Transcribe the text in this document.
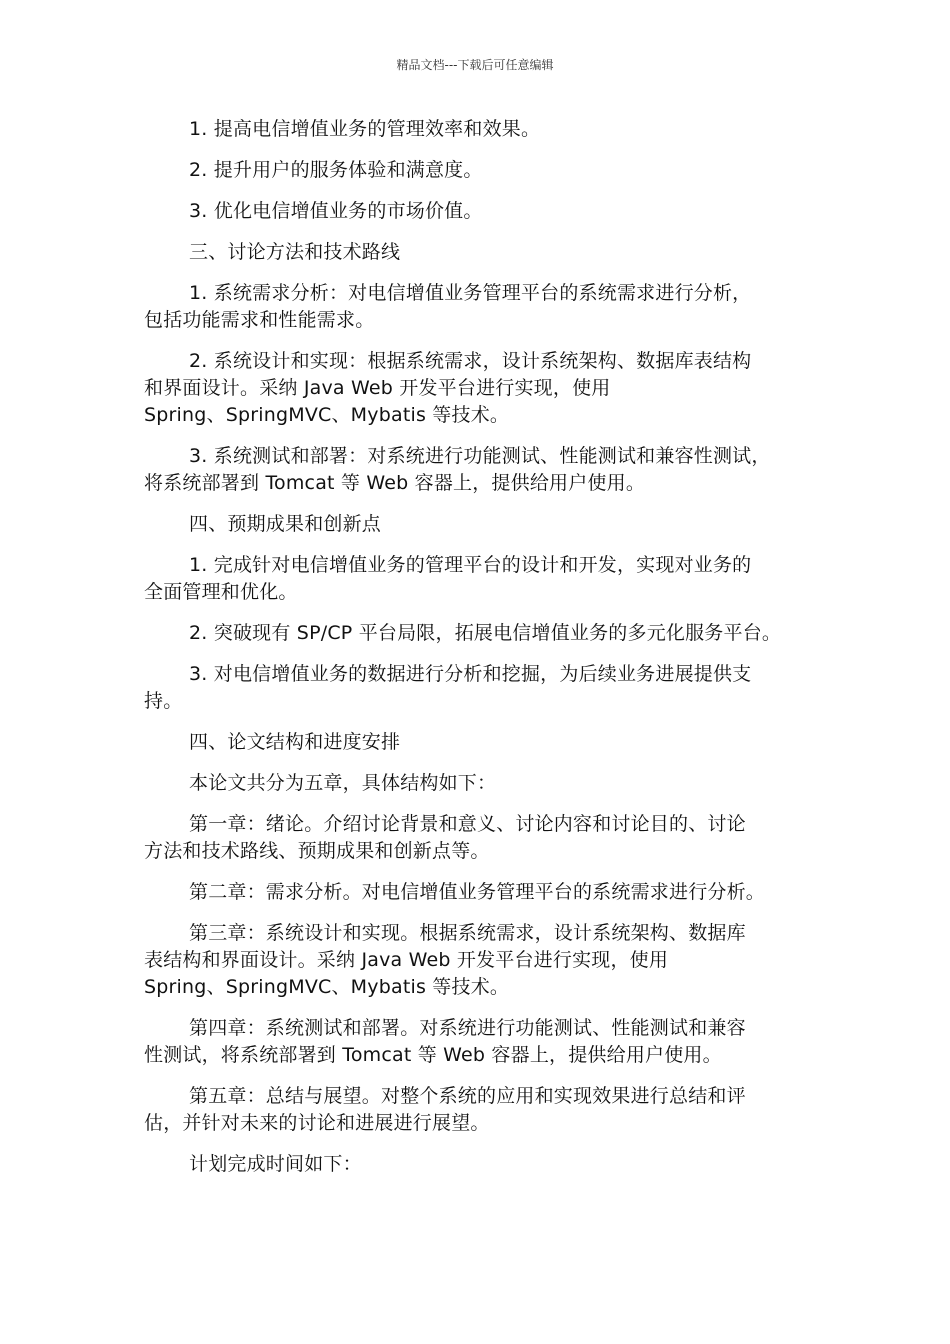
精品文档---下载后可任意编辑

1. 提高电信增值业务的管理效率和效果。

2. 提升用户的服务体验和满意度。

3. 优化电信增值业务的市场价值。

三、讨论方法和技术路线

1. 系统需求分析：对电信增值业务管理平台的系统需求进行分析，
包括功能需求和性能需求。

2. 系统设计和实现：根据系统需求，设计系统架构、数据库表结构
和界面设计。采纳 Java Web 开发平台进行实现，使用
Spring、SpringMVC、Mybatis 等技术。

3. 系统测试和部署：对系统进行功能测试、性能测试和兼容性测试，
将系统部署到 Tomcat 等 Web 容器上，提供给用户使用。

四、预期成果和创新点

1. 完成针对电信增值业务的管理平台的设计和开发，实现对业务的
全面管理和优化。

2. 突破现有 SP/CP 平台局限，拓展电信增值业务的多元化服务平台。

3. 对电信增值业务的数据进行分析和挖掘，为后续业务进展提供支
持。

四、论文结构和进度安排

本论文共分为五章，具体结构如下：

第一章：绪论。介绍讨论背景和意义、讨论内容和讨论目的、讨论
方法和技术路线、预期成果和创新点等。

第二章：需求分析。对电信增值业务管理平台的系统需求进行分析。

第三章：系统设计和实现。根据系统需求，设计系统架构、数据库
表结构和界面设计。采纳 Java Web 开发平台进行实现，使用
Spring、SpringMVC、Mybatis 等技术。

第四章：系统测试和部署。对系统进行功能测试、性能测试和兼容
性测试，将系统部署到 Tomcat 等 Web 容器上，提供给用户使用。

第五章：总结与展望。对整个系统的应用和实现效果进行总结和评
估，并针对未来的讨论和进展进行展望。

计划完成时间如下：
